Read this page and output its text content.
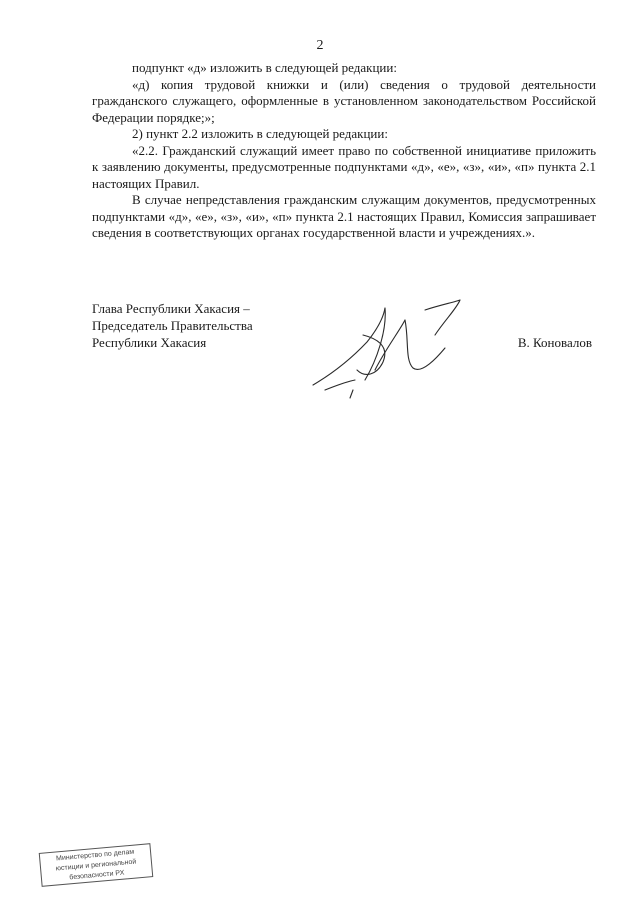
2

подпункт «д» изложить в следующей редакции:

«д) копия трудовой книжки и (или) сведения о трудовой деятельности гражданского служащего, оформленные в установленном законодательством Российской Федерации порядке;»;

2) пункт 2.2 изложить в следующей редакции:

«2.2. Гражданский служащий имеет право по собственной инициативе приложить к заявлению документы, предусмотренные подпунктами «д», «е», «з», «и», «п» пункта 2.1 настоящих Правил.

В случае непредставления гражданским служащим документов, предусмотренных подпунктами «д», «е», «з», «и», «п» пункта 2.1 настоящих Правил, Комиссия запрашивает сведения в соответствующих органах государственной власти и учреждениях.».

Глава Республики Хакасия –
Председатель Правительства
Республики Хакасия	В. Коновалов
Министерство по делам
юстиции и региональной
безопасности РХ
